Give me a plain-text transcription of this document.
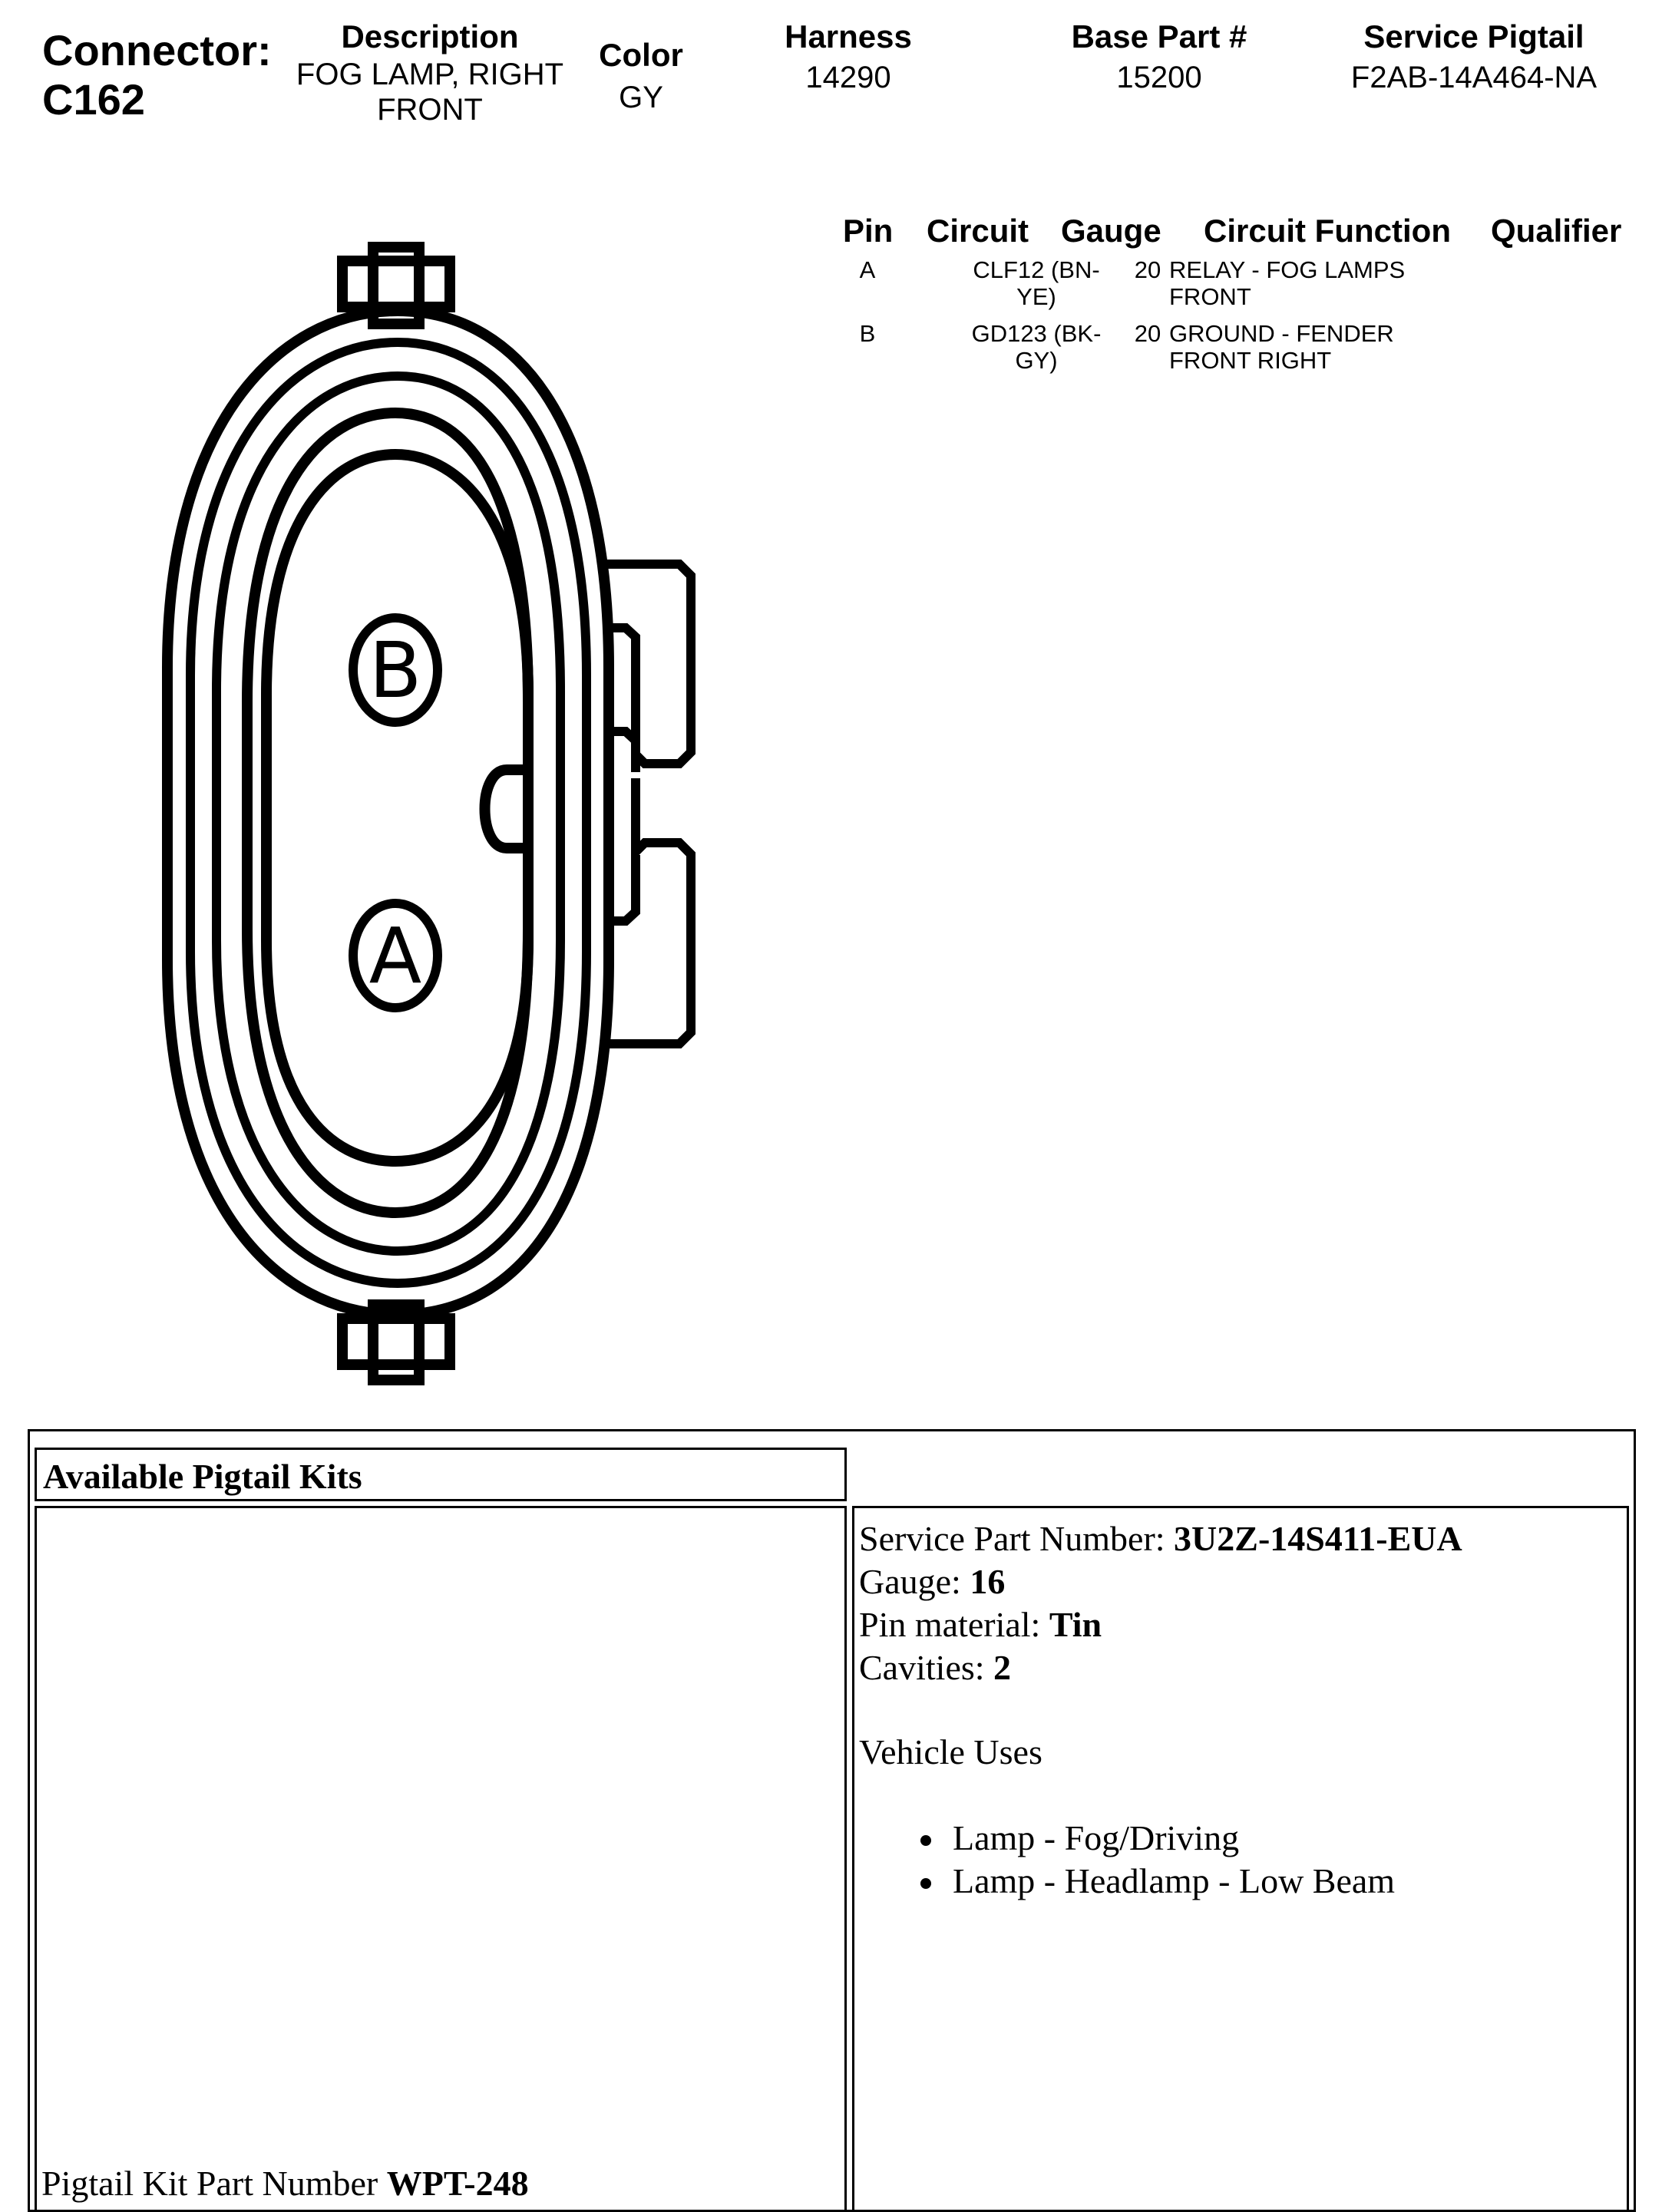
Connector:
C162
Description
FOG LAMP, RIGHT
FRONT
Color
GY
Harness
14290
Base Part #
15200
Service Pigtail
F2AB-14A464-NA
Pin Circuit Gauge Circuit Function Qualifier
A	CLF12 (BN-
YE)
20 RELAY - FOG LAMPS
FRONT
B	GD123 (BK-
GY)
20 GROUND - FENDER
FRONT RIGHT
B
A
Available Pigtail Kits
Pigtail Kit Part Number WPT-248
Service Part Number: 3U2Z-14S411-EUA
Gauge: 16
Pin material: Tin
Cavities: 2
Vehicle Uses
Lamp - Fog/Driving
Lamp - Headlamp - Low Beam
